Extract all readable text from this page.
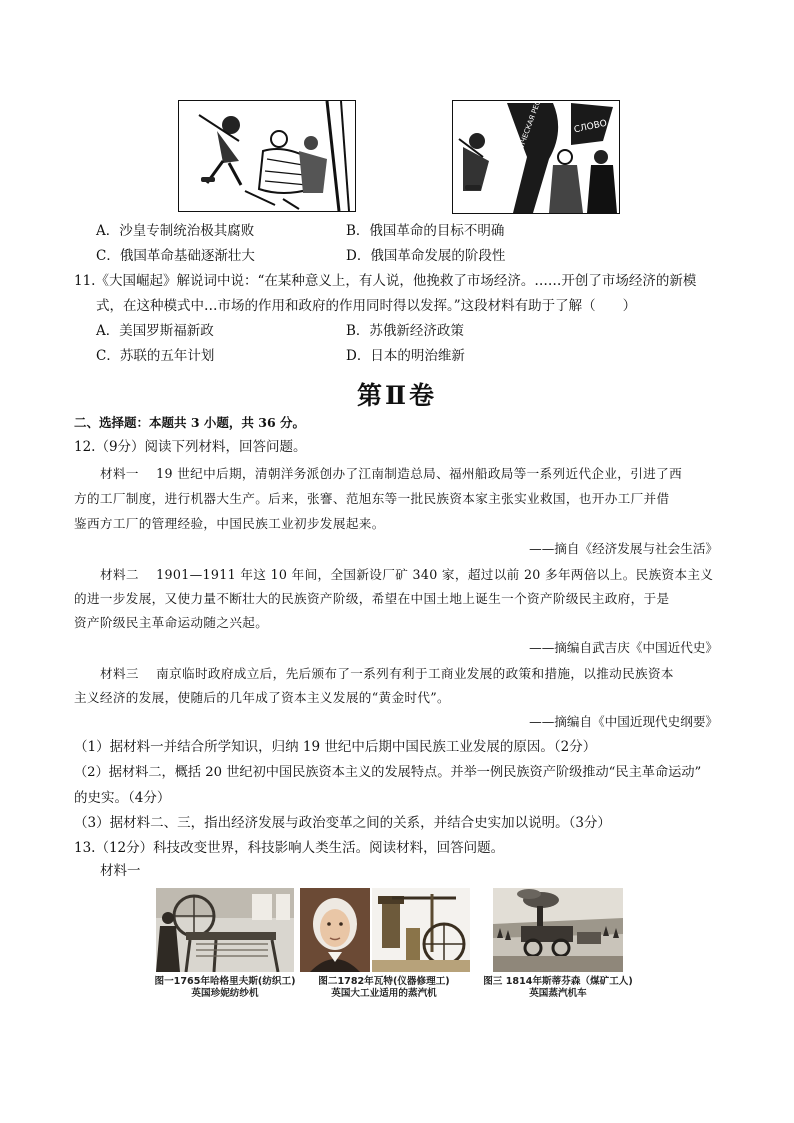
ДЕМОКРАТИЧЕСКАЯ	СЛОВО
A．沙皇专制统治极其腐败	B．俄国革命的目标不明确
C．俄国革命基础逐渐壮大	D．俄国革命发展的阶段性
11.《大国崛起》解说词中说：“在某种意义上，有人说，他挽救了市场经济。……开创了市场经济的新模
式，在这种模式中…市场的作用和政府的作用同时得以发挥。”这段材料有助于了解（　　）
A．美国罗斯福新政	B．苏俄新经济政策
C．苏联的五年计划	D．日本的明治维新
第Ⅱ卷
二、选择题：本题共 3 小题，共 36 分。
12.（9分）阅读下列材料，回答问题。
材料一　 19 世纪中后期，清朝洋务派创办了江南制造总局、福州船政局等一系列近代企业，引进了西
方的工厂制度，进行机器大生产。后来，张謇、范旭东等一批民族资本家主张实业救国，也开办工厂并借
鉴西方工厂的管理经验，中国民族工业初步发展起来。
——摘自《经济发展与社会生活》
材料二　 1901—1911 年这 10 年间，全国新设厂矿 340 家，超过以前 20 多年两倍以上。民族资本主义
的进一步发展，又使力量不断壮大的民族资产阶级，希望在中国土地上诞生一个资产阶级民主政府，于是
资产阶级民主革命运动随之兴起。
——摘编自武吉庆《中国近代史》
材料三　 南京临时政府成立后，先后颁布了一系列有利于工商业发展的政策和措施，以推动民族资本
主义经济的发展，使随后的几年成了资本主义发展的“黄金时代”。
——摘编自《中国近现代史纲要》
（1）据材料一并结合所学知识，归纳 19 世纪中后期中国民族工业发展的原因。（2分）
（2）据材料二，概括 20 世纪初中国民族资本主义的发展特点。并举一例民族资产阶级推动“民主革命运动”
的史实。（4分）
（3）据材料二、三，指出经济发展与政治变革之间的关系，并结合史实加以说明。（3分）
13.（12分）科技改变世界，科技影响人类生活。阅读材料，回答问题。
材料一
图一1765年哈格里夫斯(纺织工)
英国珍妮纺纱机
图二1782年瓦特(仪器修理工)
英国大工业适用的蒸汽机
图三 1814年斯蒂芬森（煤矿工人)
英国蒸汽机车
